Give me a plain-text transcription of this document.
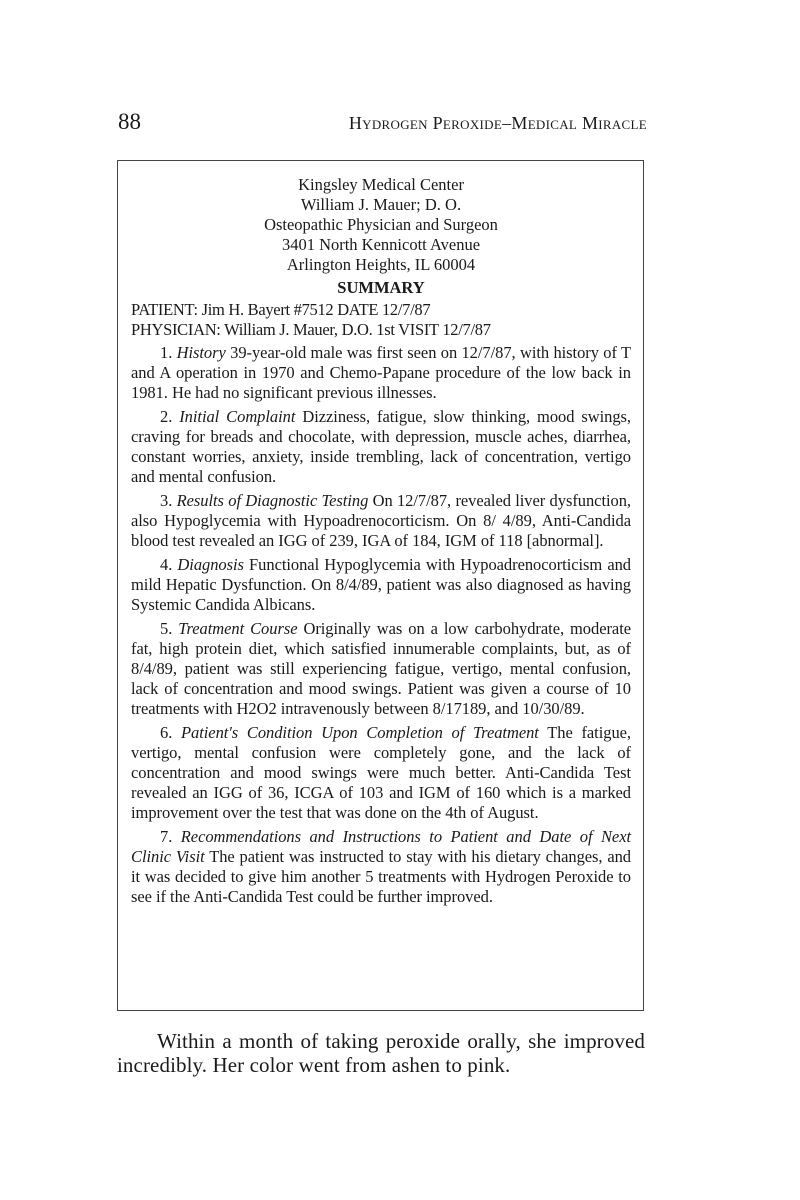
88	Hydrogen Peroxide–Medical Miracle
Kingsley Medical Center
William J. Mauer; D. O.
Osteopathic Physician and Surgeon
3401 North Kennicott Avenue
Arlington Heights, IL 60004
SUMMARY
PATIENT: Jim H. Bayert #7512 DATE 12/7/87
PHYSICIAN: William J. Mauer, D.O. 1st VISIT 12/7/87

1. History 39-year-old male was first seen on 12/7/87, with history of T and A operation in 1970 and Chemo-Papane procedure of the low back in 1981. He had no significant previous illnesses.

2. Initial Complaint Dizziness, fatigue, slow thinking, mood swings, craving for breads and chocolate, with depression, muscle aches, diarrhea, constant worries, anxiety, inside trembling, lack of concentration, vertigo and mental confusion.

3. Results of Diagnostic Testing On 12/7/87, revealed liver dysfunction, also Hypoglycemia with Hypoadrenocorticism. On 8/ 4/89, Anti-Candida blood test revealed an IGG of 239, IGA of 184, IGM of 118 [abnormal].

4. Diagnosis Functional Hypoglycemia with Hypoadrenocorticism and mild Hepatic Dysfunction. On 8/4/89, patient was also diagnosed as having Systemic Candida Albicans.

5. Treatment Course Originally was on a low carbohydrate, moderate fat, high protein diet, which satisfied innumerable complaints, but, as of 8/4/89, patient was still experiencing fatigue, vertigo, mental confusion, lack of concentration and mood swings. Patient was given a course of 10 treatments with H2O2 intravenously between 8/17189, and 10/30/89.

6. Patient's Condition Upon Completion of Treatment The fatigue, vertigo, mental confusion were completely gone, and the lack of concentration and mood swings were much better. Anti-Candida Test revealed an IGG of 36, ICGA of 103 and IGM of 160 which is a marked improvement over the test that was done on the 4th of August.

7. Recommendations and Instructions to Patient and Date of Next Clinic Visit The patient was instructed to stay with his dietary changes, and it was decided to give him another 5 treatments with Hydrogen Peroxide to see if the Anti-Candida Test could be further improved.

Within a month of taking peroxide orally, she improved incredibly. Her color went from ashen to pink.
